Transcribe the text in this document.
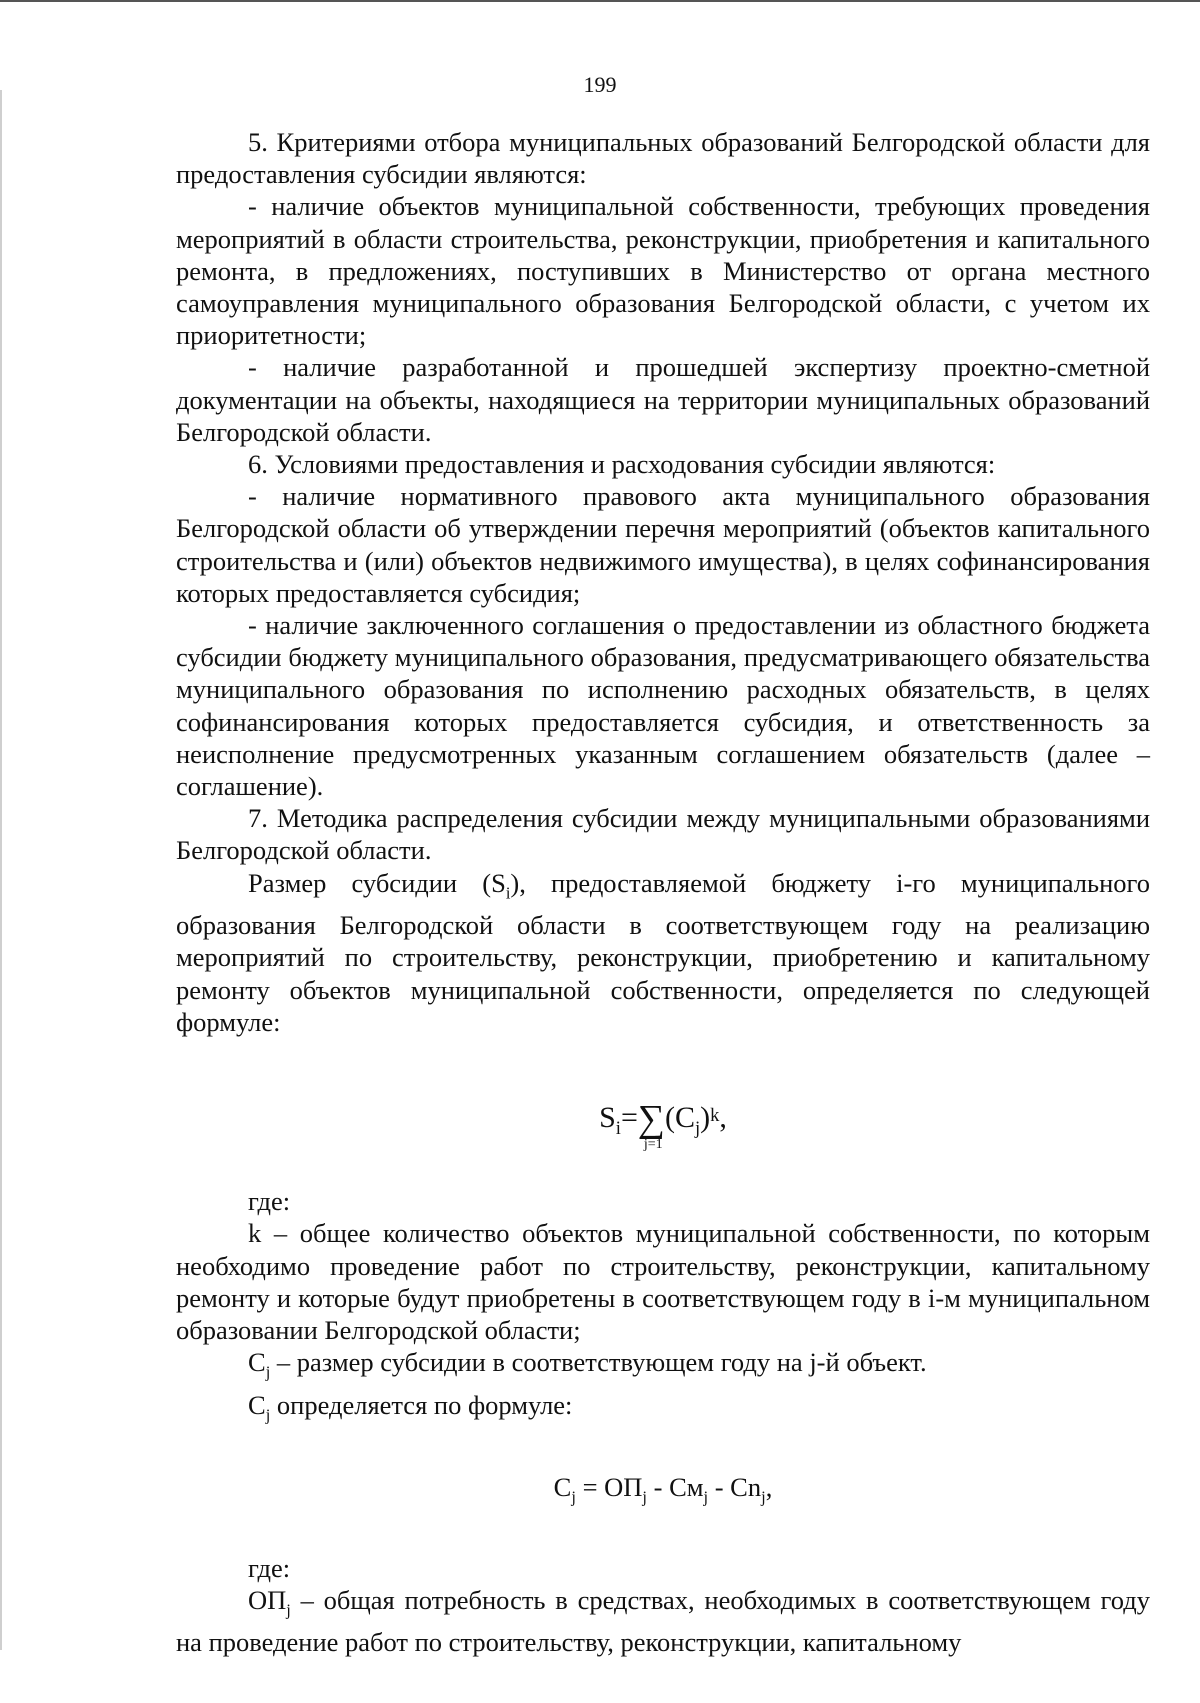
199

5. Критериями отбора муниципальных образований Белгородской области для предоставления субсидии являются:

- наличие объектов муниципальной собственности, требующих проведения мероприятий в области строительства, реконструкции, приобретения и капитального ремонта, в предложениях, поступивших в Министерство от органа местного самоуправления муниципального образования Белгородской области, с учетом их приоритетности;

- наличие разработанной и прошедшей экспертизу проектно-сметной документации на объекты, находящиеся на территории муниципальных образований Белгородской области.

6. Условиями предоставления и расходования субсидии являются:

- наличие нормативного правового акта муниципального образования Белгородской области об утверждении перечня мероприятий (объектов капитального строительства и (или) объектов недвижимого имущества), в целях софинансирования которых предоставляется субсидия;

- наличие заключенного соглашения о предоставлении из областного бюджета субсидии бюджету муниципального образования, предусматривающего обязательства муниципального образования по исполнению расходных обязательств, в целях софинансирования которых предоставляется субсидия, и ответственность за неисполнение предусмотренных указанным соглашением обязательств (далее – соглашение).

7. Методика распределения субсидии между муниципальными образованиями Белгородской области.

Размер субсидии $(S_i)$, предоставляемой бюджету i-го муниципального образования Белгородской области в соответствующем году на реализацию мероприятий по строительству, реконструкции, приобретению и капитальному ремонту объектов муниципальной собственности, определяется по следующей формуле:

$S_i=\sum$
j=1
$(C_j)^k$,

где:

k – общее количество объектов муниципальной собственности, по которым необходимо проведение работ по строительству, реконструкции, капитальному ремонту и которые будут приобретены в соответствующем году в i-м муниципальном образовании Белгородской области;

$C_j$ – размер субсидии в соответствующем году на j-й объект.

$C_j$ определяется по формуле:

$C_j = ОП_j - См_j - Сn_j$,

где:

$ОП_j$ – общая потребность в средствах, необходимых в соответствующем году на проведение работ по строительству, реконструкции, капитальному
